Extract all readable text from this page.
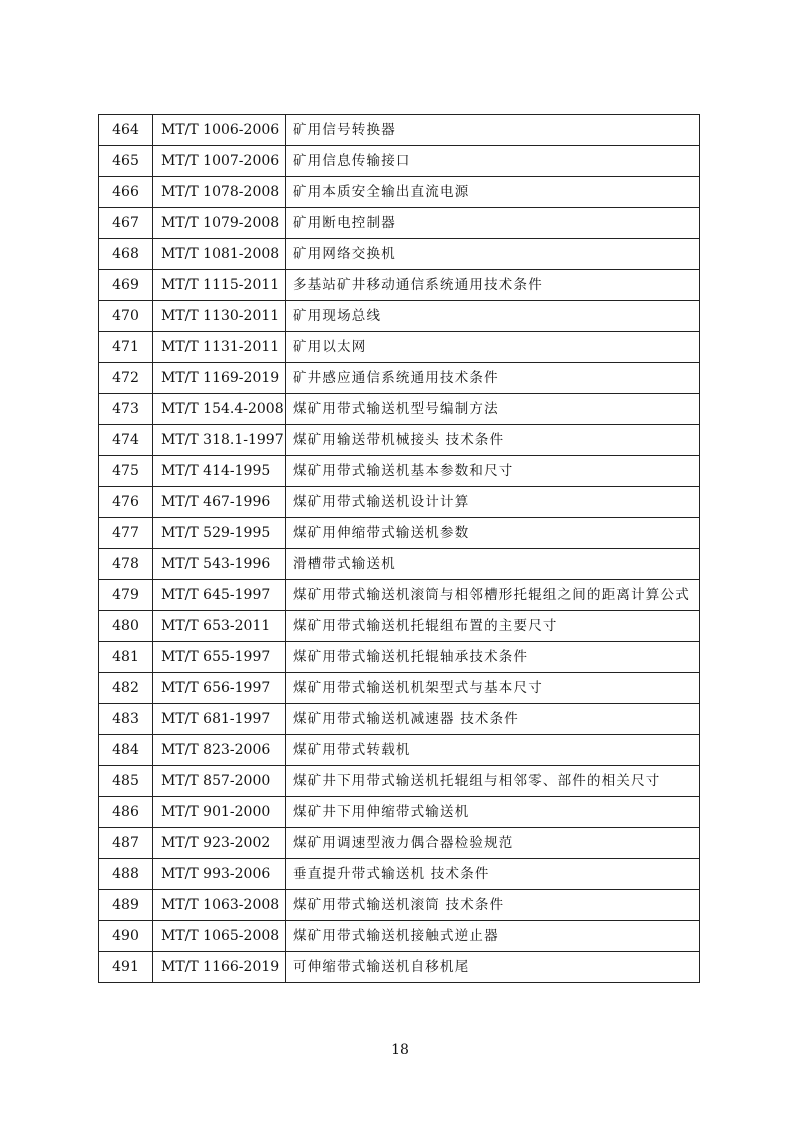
464	MT/T 1006-2006	矿用信号转换器
465	MT/T 1007-2006	矿用信息传输接口
466	MT/T 1078-2008	矿用本质安全输出直流电源
467	MT/T 1079-2008	矿用断电控制器
468	MT/T 1081-2008	矿用网络交换机
469	MT/T 1115-2011	多基站矿井移动通信系统通用技术条件
470	MT/T 1130-2011	矿用现场总线
471	MT/T 1131-2011	矿用以太网
472	MT/T 1169-2019	矿井感应通信系统通用技术条件
473	MT/T 154.4-2008	煤矿用带式输送机型号编制方法
474	MT/T 318.1-1997	煤矿用输送带机械接头 技术条件
475	MT/T 414-1995	煤矿用带式输送机基本参数和尺寸
476	MT/T 467-1996	煤矿用带式输送机设计计算
477	MT/T 529-1995	煤矿用伸缩带式输送机参数
478	MT/T 543-1996	滑槽带式输送机
479	MT/T 645-1997	煤矿用带式输送机滚筒与相邻槽形托辊组之间的距离计算公式
480	MT/T 653-2011	煤矿用带式输送机托辊组布置的主要尺寸
481	MT/T 655-1997	煤矿用带式输送机托辊轴承技术条件
482	MT/T 656-1997	煤矿用带式输送机机架型式与基本尺寸
483	MT/T 681-1997	煤矿用带式输送机减速器 技术条件
484	MT/T 823-2006	煤矿用带式转载机
485	MT/T 857-2000	煤矿井下用带式输送机托辊组与相邻零、部件的相关尺寸
486	MT/T 901-2000	煤矿井下用伸缩带式输送机
487	MT/T 923-2002	煤矿用调速型液力偶合器检验规范
488	MT/T 993-2006	垂直提升带式输送机 技术条件
489	MT/T 1063-2008	煤矿用带式输送机滚筒 技术条件
490	MT/T 1065-2008	煤矿用带式输送机接触式逆止器
491	MT/T 1166-2019	可伸缩带式输送机自移机尾
18
